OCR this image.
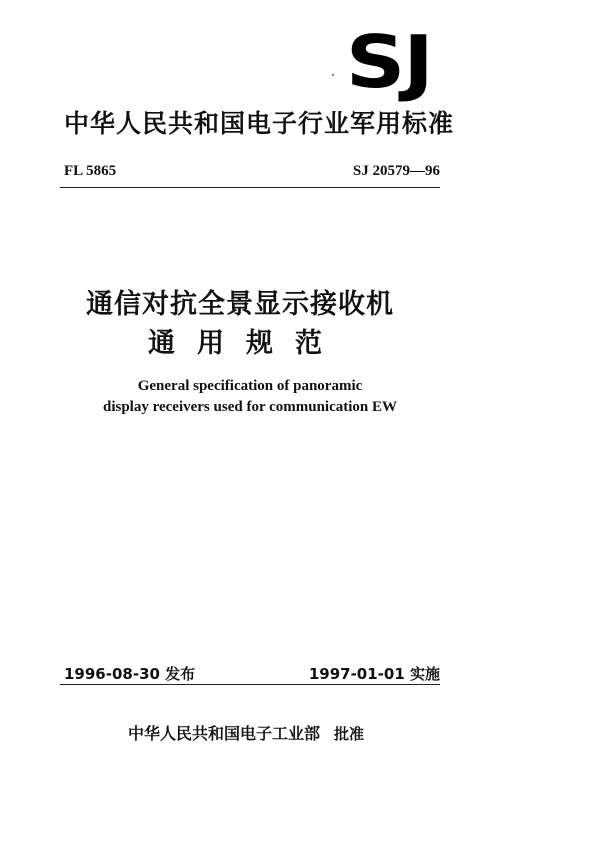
SJ
中华人民共和国电子行业军用标准
FL 5865	SJ 20579—96
通信对抗全景显示接收机
通用规范
General specification of panoramic
display receivers used for communication EW
1996-08-30 发布	1997-01-01 实施
中华人民共和国电子工业部 批准
